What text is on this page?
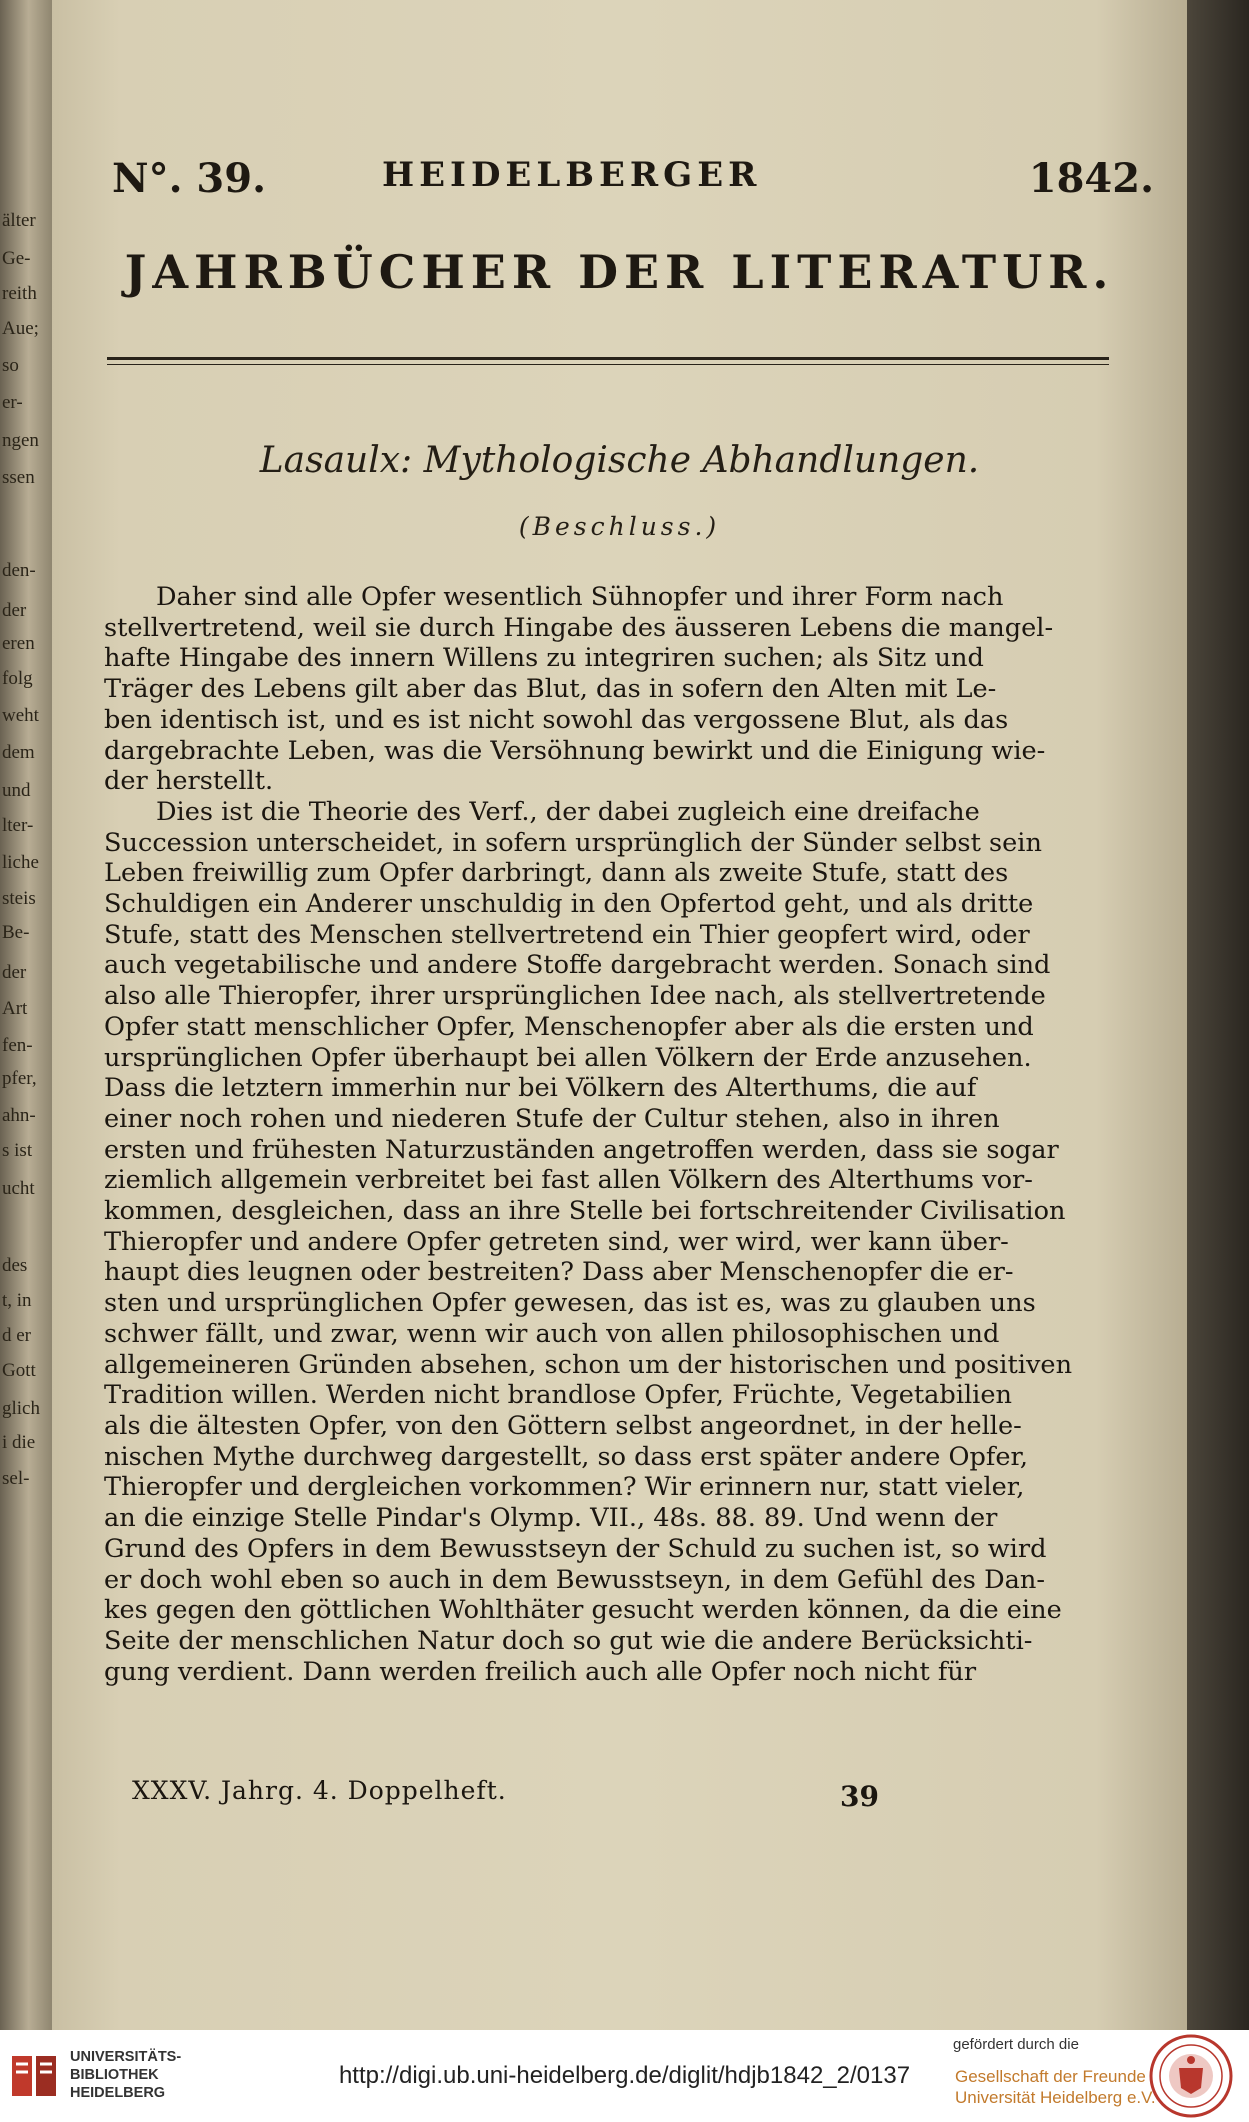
älter
Ge-
reith
Aue;
so
er-
ngen
ssen
den-
der
eren
folg
weht
dem
und
lter-
liche
steis
Be-
der
Art
fen-
pfer,
ahn-
s ist
ucht
des
t, in
d er
Gott
glich
i die
sel-
N°. 39.	HEIDELBERGER	1842.
JAHRBÜCHER DER LITERATUR.
Lasaulx: Mythologische Abhandlungen.
(Beschluss.)
Daher sind alle Opfer wesentlich Sühnopfer und ihrer Form nach
stellvertretend, weil sie durch Hingabe des äusseren Lebens die mangel-
hafte Hingabe des innern Willens zu integriren suchen; als Sitz und
Träger des Lebens gilt aber das Blut, das in sofern den Alten mit Le-
ben identisch ist, und es ist nicht sowohl das vergossene Blut, als das
dargebrachte Leben, was die Versöhnung bewirkt und die Einigung wie-
der herstellt.
Dies ist die Theorie des Verf., der dabei zugleich eine dreifache
Succession unterscheidet, in sofern ursprünglich der Sünder selbst sein
Leben freiwillig zum Opfer darbringt, dann als zweite Stufe, statt des
Schuldigen ein Anderer unschuldig in den Opfertod geht, und als dritte
Stufe, statt des Menschen stellvertretend ein Thier geopfert wird, oder
auch vegetabilische und andere Stoffe dargebracht werden. Sonach sind
also alle Thieropfer, ihrer ursprünglichen Idee nach, als stellvertretende
Opfer statt menschlicher Opfer, Menschenopfer aber als die ersten und
ursprünglichen Opfer überhaupt bei allen Völkern der Erde anzusehen.
Dass die letztern immerhin nur bei Völkern des Alterthums, die auf
einer noch rohen und niederen Stufe der Cultur stehen, also in ihren
ersten und frühesten Naturzuständen angetroffen werden, dass sie sogar
ziemlich allgemein verbreitet bei fast allen Völkern des Alterthums vor-
kommen, desgleichen, dass an ihre Stelle bei fortschreitender Civilisation
Thieropfer und andere Opfer getreten sind, wer wird, wer kann über-
haupt dies leugnen oder bestreiten? Dass aber Menschenopfer die er-
sten und ursprünglichen Opfer gewesen, das ist es, was zu glauben uns
schwer fällt, und zwar, wenn wir auch von allen philosophischen und
allgemeineren Gründen absehen, schon um der historischen und positiven
Tradition willen. Werden nicht brandlose Opfer, Früchte, Vegetabilien
als die ältesten Opfer, von den Göttern selbst angeordnet, in der helle-
nischen Mythe durchweg dargestellt, so dass erst später andere Opfer,
Thieropfer und dergleichen vorkommen? Wir erinnern nur, statt vieler,
an die einzige Stelle Pindar's Olymp. VII., 48s. 88. 89. Und wenn der
Grund des Opfers in dem Bewusstseyn der Schuld zu suchen ist, so wird
er doch wohl eben so auch in dem Bewusstseyn, in dem Gefühl des Dan-
kes gegen den göttlichen Wohlthäter gesucht werden können, da die eine
Seite der menschlichen Natur doch so gut wie die andere Berücksichti-
gung verdient. Dann werden freilich auch alle Opfer noch nicht für
XXXV. Jahrg. 4. Doppelheft.	39
UNIVERSITÄTS-
BIBLIOTHEK
HEIDELBERG
http://digi.ub.uni-heidelberg.de/diglit/hdjb1842_2/0137
gefördert durch die
Gesellschaft der Freunde
Universität Heidelberg e.V.
